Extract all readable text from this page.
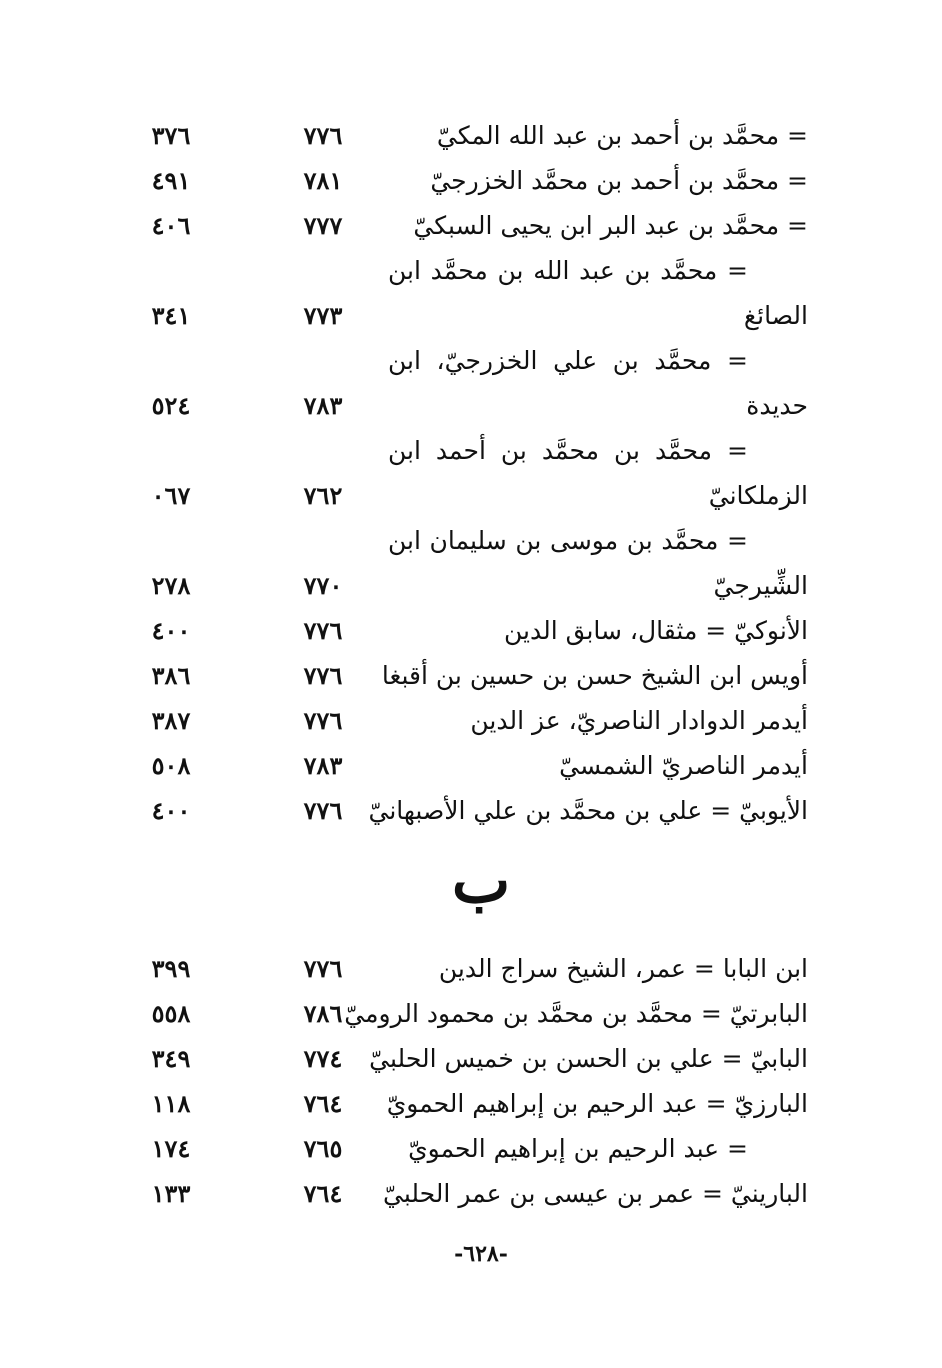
= محمَّد بن أحمد بن عبد الله المكيّ
٧٧٦
٣٧٦
= محمَّد بن أحمد بن محمَّد الخزرجيّ
٧٨١
٤٩١
= محمَّد بن عبد البر ابن يحيى السبكيّ
٧٧٧
٤٠٦
= محمَّد بن عبد الله بن محمَّد ابن
الصائغ
٧٧٣
٣٤١
= محمَّد بن علي الخزرجيّ، ابن
حديدة
٧٨٣
٥٢٤
= محمَّد بن محمَّد بن أحمد ابن
الزملكانيّ
٧٦٢
٠٦٧
= محمَّد بن موسى بن سليمان ابن
الشِّيرجيّ
٧٧٠
٢٧٨
الأنوكيّ = مثقال، سابق الدين
٧٧٦
٤٠٠
أويس ابن الشيخ حسن بن حسين بن أقبغا
٧٧٦
٣٨٦
أيدمر الدوادار الناصريّ، عز الدين
٧٧٦
٣٨٧
أيدمر الناصريّ الشمسيّ
٧٨٣
٥٠٨
الأيوبيّ = علي بن محمَّد بن علي الأصبهانيّ
٧٧٦
٤٠٠
ب
ابن البابا = عمر، الشيخ سراج الدين
٧٧٦
٣٩٩
البابرتيّ = محمَّد بن محمَّد بن محمود الروميّ
٧٨٦
٥٥٨
البابيّ = علي بن الحسن بن خميس الحلبيّ
٧٧٤
٣٤٩
البارزيّ = عبد الرحيم بن إبراهيم الحمويّ
٧٦٤
١١٨
= عبد الرحيم بن إبراهيم الحمويّ
٧٦٥
١٧٤
البارينيّ = عمر بن عيسى بن عمر الحلبيّ
٧٦٤
١٣٣
-٦٢٨-
